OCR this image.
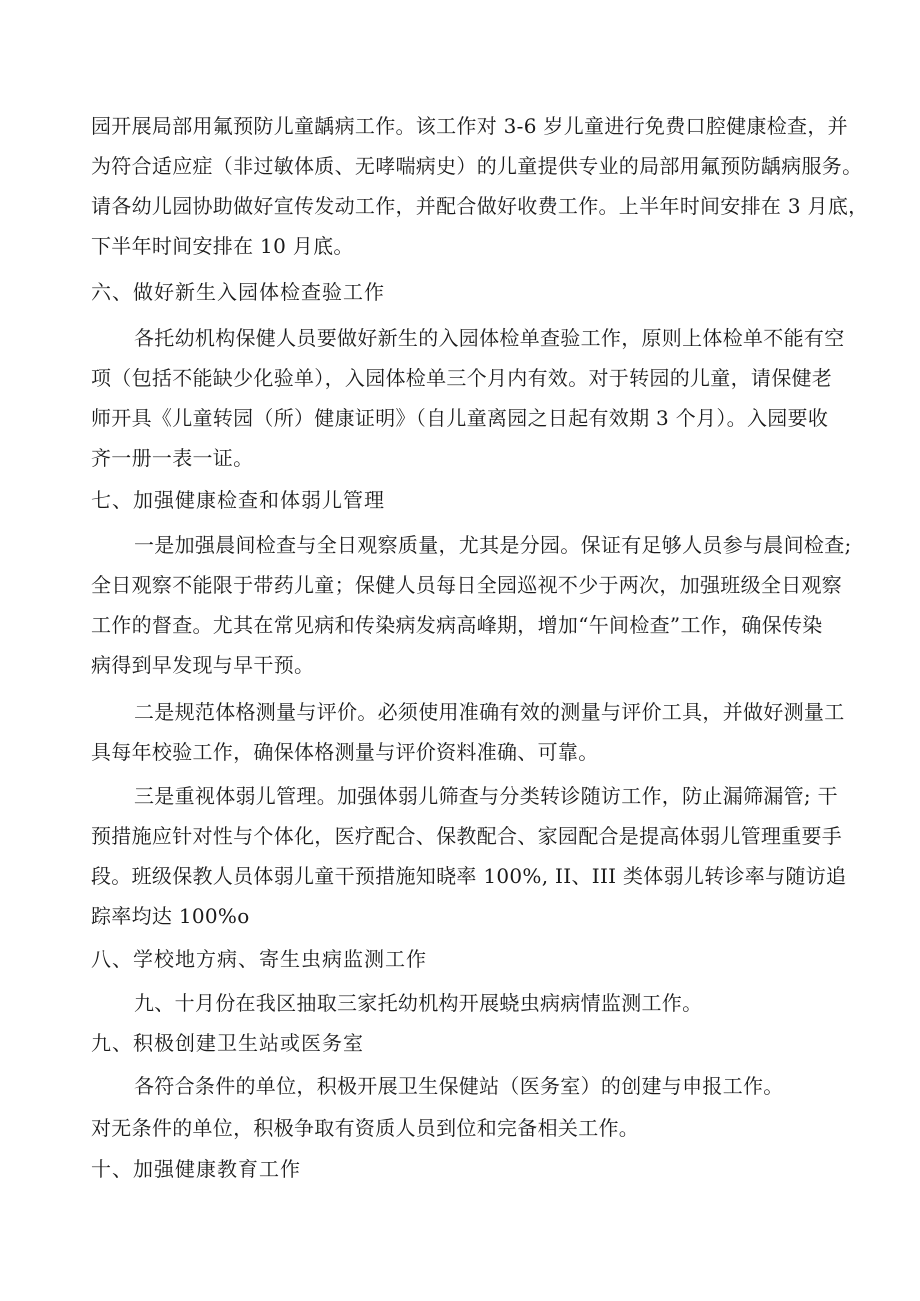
园开展局部用氟预防儿童龋病工作。该工作对 3-6 岁儿童进行免费口腔健康检查，并
为符合适应症（非过敏体质、无哮喘病史）的儿童提供专业的局部用氟预防龋病服务。
请各幼儿园协助做好宣传发动工作，并配合做好收费工作。上半年时间安排在 3 月底，
下半年时间安排在 10 月底。
六、做好新生入园体检查验工作
各托幼机构保健人员要做好新生的入园体检单查验工作，原则上体检单不能有空
项（包括不能缺少化验单），入园体检单三个月内有效。对于转园的儿童，请保健老
师开具《儿童转园（所）健康证明》（自儿童离园之日起有效期 3 个月）。入园要收
齐一册一表一证。
七、加强健康检查和体弱儿管理
一是加强晨间检查与全日观察质量，尤其是分园。保证有足够人员参与晨间检查;
全日观察不能限于带药儿童；保健人员每日全园巡视不少于两次，加强班级全日观察
工作的督查。尤其在常见病和传染病发病高峰期，增加“午间检查”工作，确保传染
病得到早发现与早干预。
二是规范体格测量与评价。必须使用准确有效的测量与评价工具，并做好测量工
具每年校验工作，确保体格测量与评价资料准确、可靠。
三是重视体弱儿管理。加强体弱儿筛查与分类转诊随访工作，防止漏筛漏管; 干
预措施应针对性与个体化，医疗配合、保教配合、家园配合是提高体弱儿管理重要手
段。班级保教人员体弱儿童干预措施知晓率 100%, II、III 类体弱儿转诊率与随访追
踪率均达 100%o
八、学校地方病、寄生虫病监测工作
九、十月份在我区抽取三家托幼机构开展蛲虫病病情监测工作。
九、积极创建卫生站或医务室
各符合条件的单位，积极开展卫生保健站（医务室）的创建与申报工作。
对无条件的单位，积极争取有资质人员到位和完备相关工作。
十、加强健康教育工作
